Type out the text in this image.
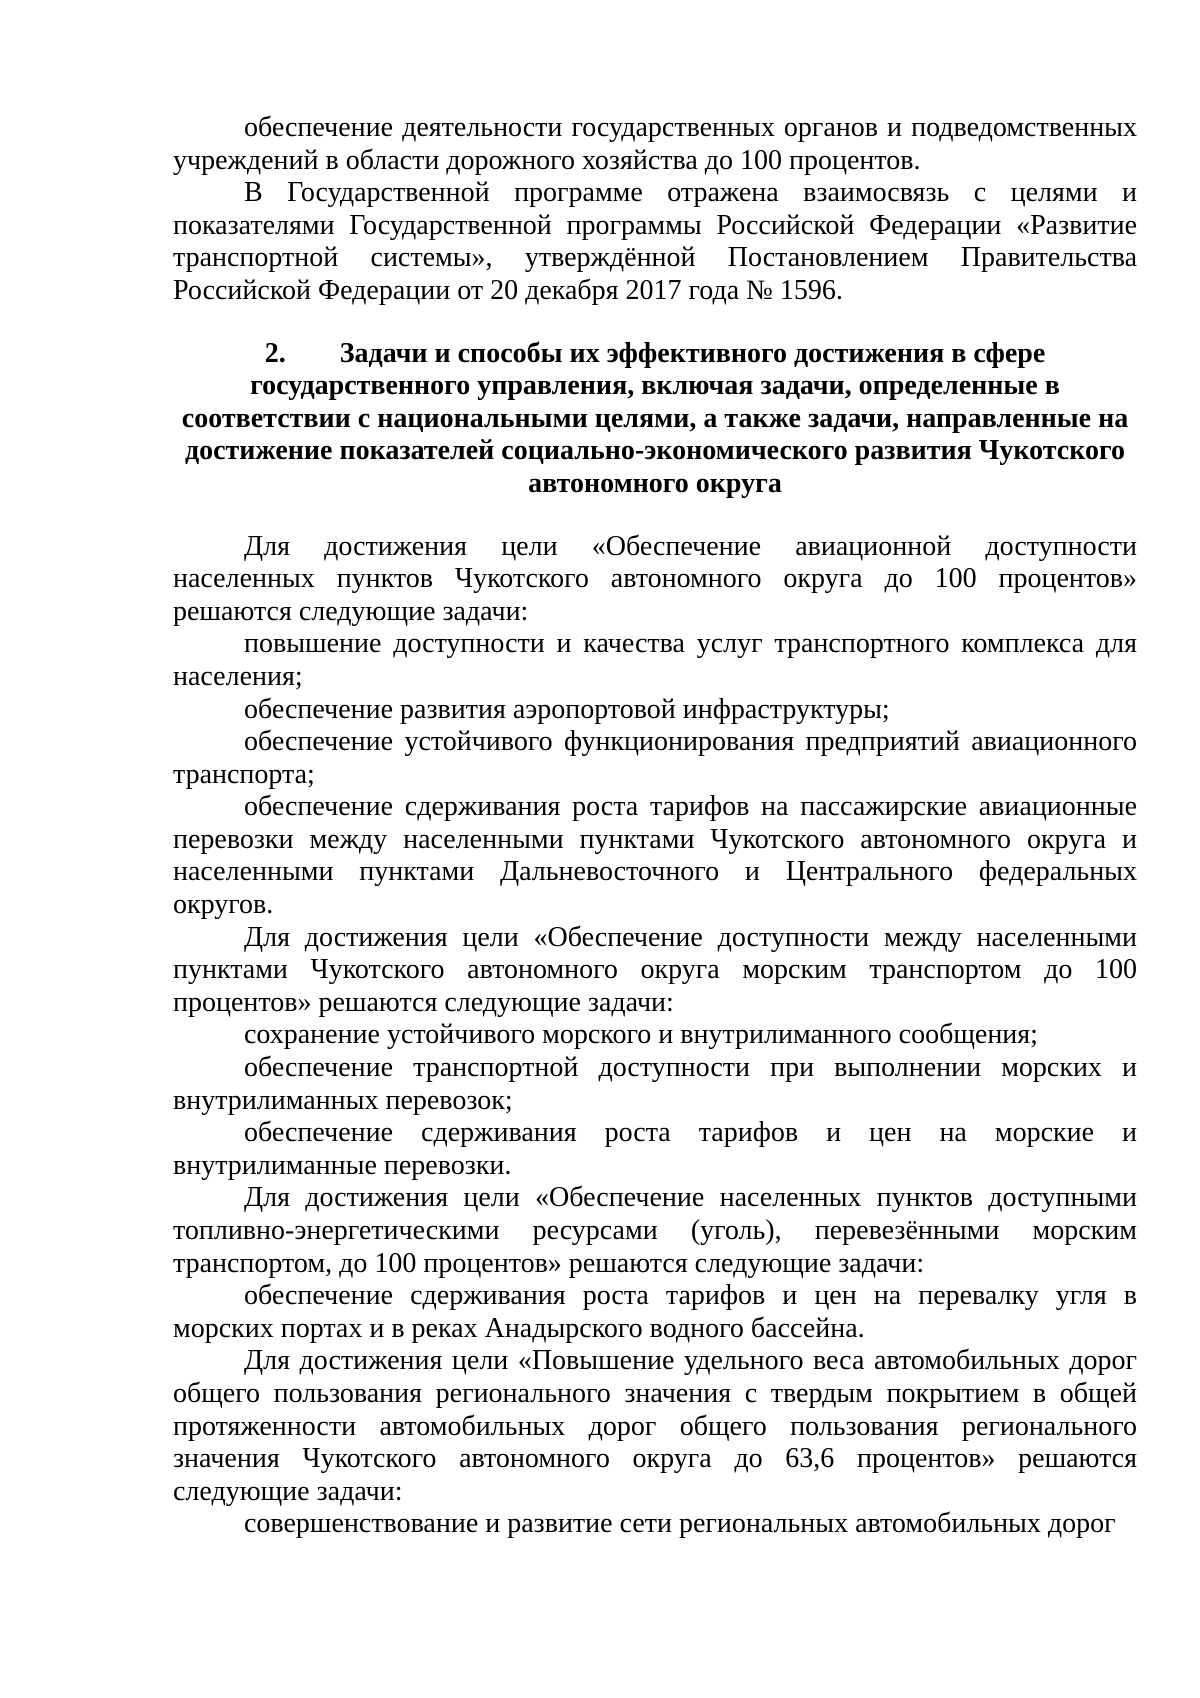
обеспечение деятельности государственных органов и подведомственных учреждений в области дорожного хозяйства до 100 процентов.

В Государственной программе отражена взаимосвязь с целями и показателями Государственной программы Российской Федерации «Развитие транспортной системы», утверждённой Постановлением Правительства Российской Федерации от 20 декабря 2017 года № 1596.

2. Задачи и способы их эффективного достижения в сфере государственного управления, включая задачи, определенные в соответствии с национальными целями, а также задачи, направленные на достижение показателей социально-экономического развития Чукотского автономного округа

Для достижения цели «Обеспечение авиационной доступности населенных пунктов Чукотского автономного округа до 100 процентов» решаются следующие задачи:

повышение доступности и качества услуг транспортного комплекса для населения;

обеспечение развития аэропортовой инфраструктуры;

обеспечение устойчивого функционирования предприятий авиационного транспорта;

обеспечение сдерживания роста тарифов на пассажирские авиационные перевозки между населенными пунктами Чукотского автономного округа и населенными пунктами Дальневосточного и Центрального федеральных округов.

Для достижения цели «Обеспечение доступности между населенными пунктами Чукотского автономного округа морским транспортом до 100 процентов» решаются следующие задачи:

сохранение устойчивого морского и внутрилиманного сообщения;

обеспечение транспортной доступности при выполнении морских и внутрилиманных перевозок;

обеспечение сдерживания роста тарифов и цен на морские и внутрилиманные перевозки.

Для достижения цели «Обеспечение населенных пунктов доступными топливно-энергетическими ресурсами (уголь), перевезёнными морским транспортом, до 100 процентов» решаются следующие задачи:

обеспечение сдерживания роста тарифов и цен на перевалку угля в морских портах и в реках Анадырского водного бассейна.

Для достижения цели «Повышение удельного веса автомобильных дорог общего пользования регионального значения с твердым покрытием в общей протяженности автомобильных дорог общего пользования регионального значения Чукотского автономного округа до 63,6 процентов» решаются следующие задачи:

совершенствование и развитие сети региональных автомобильных дорог
